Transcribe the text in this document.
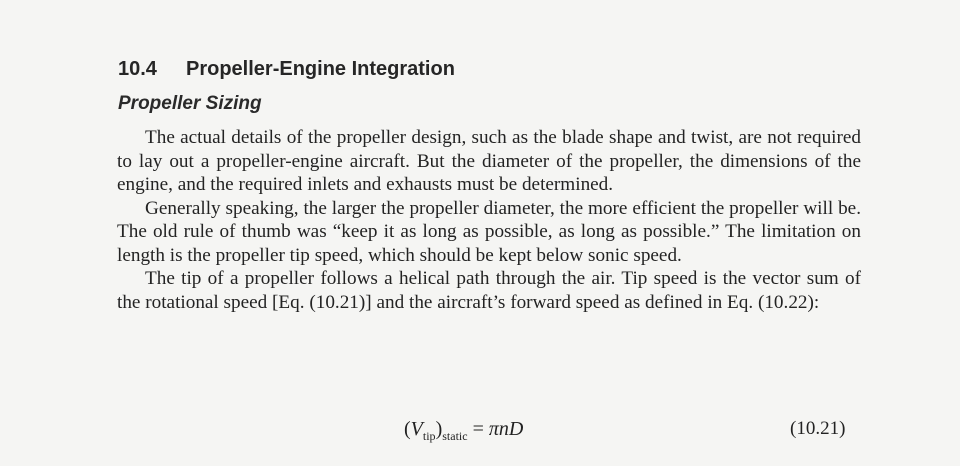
10.4 Propeller-Engine Integration
Propeller Sizing

The actual details of the propeller design, such as the blade shape and twist, are not required to lay out a propeller-engine aircraft. But the diameter of the propeller, the dimensions of the engine, and the required inlets and exhausts must be determined.

Generally speaking, the larger the propeller diameter, the more efficient the propeller will be. The old rule of thumb was “keep it as long as possible, as long as possible.” The limitation on length is the propeller tip speed, which should be kept below sonic speed.

The tip of a propeller follows a helical path through the air. Tip speed is the vector sum of the rotational speed [Eq. (10.21)] and the aircraft’s forward speed as defined in Eq. (10.22):

$(V_{tip})_{static} = \pi nD$	(10.21)
